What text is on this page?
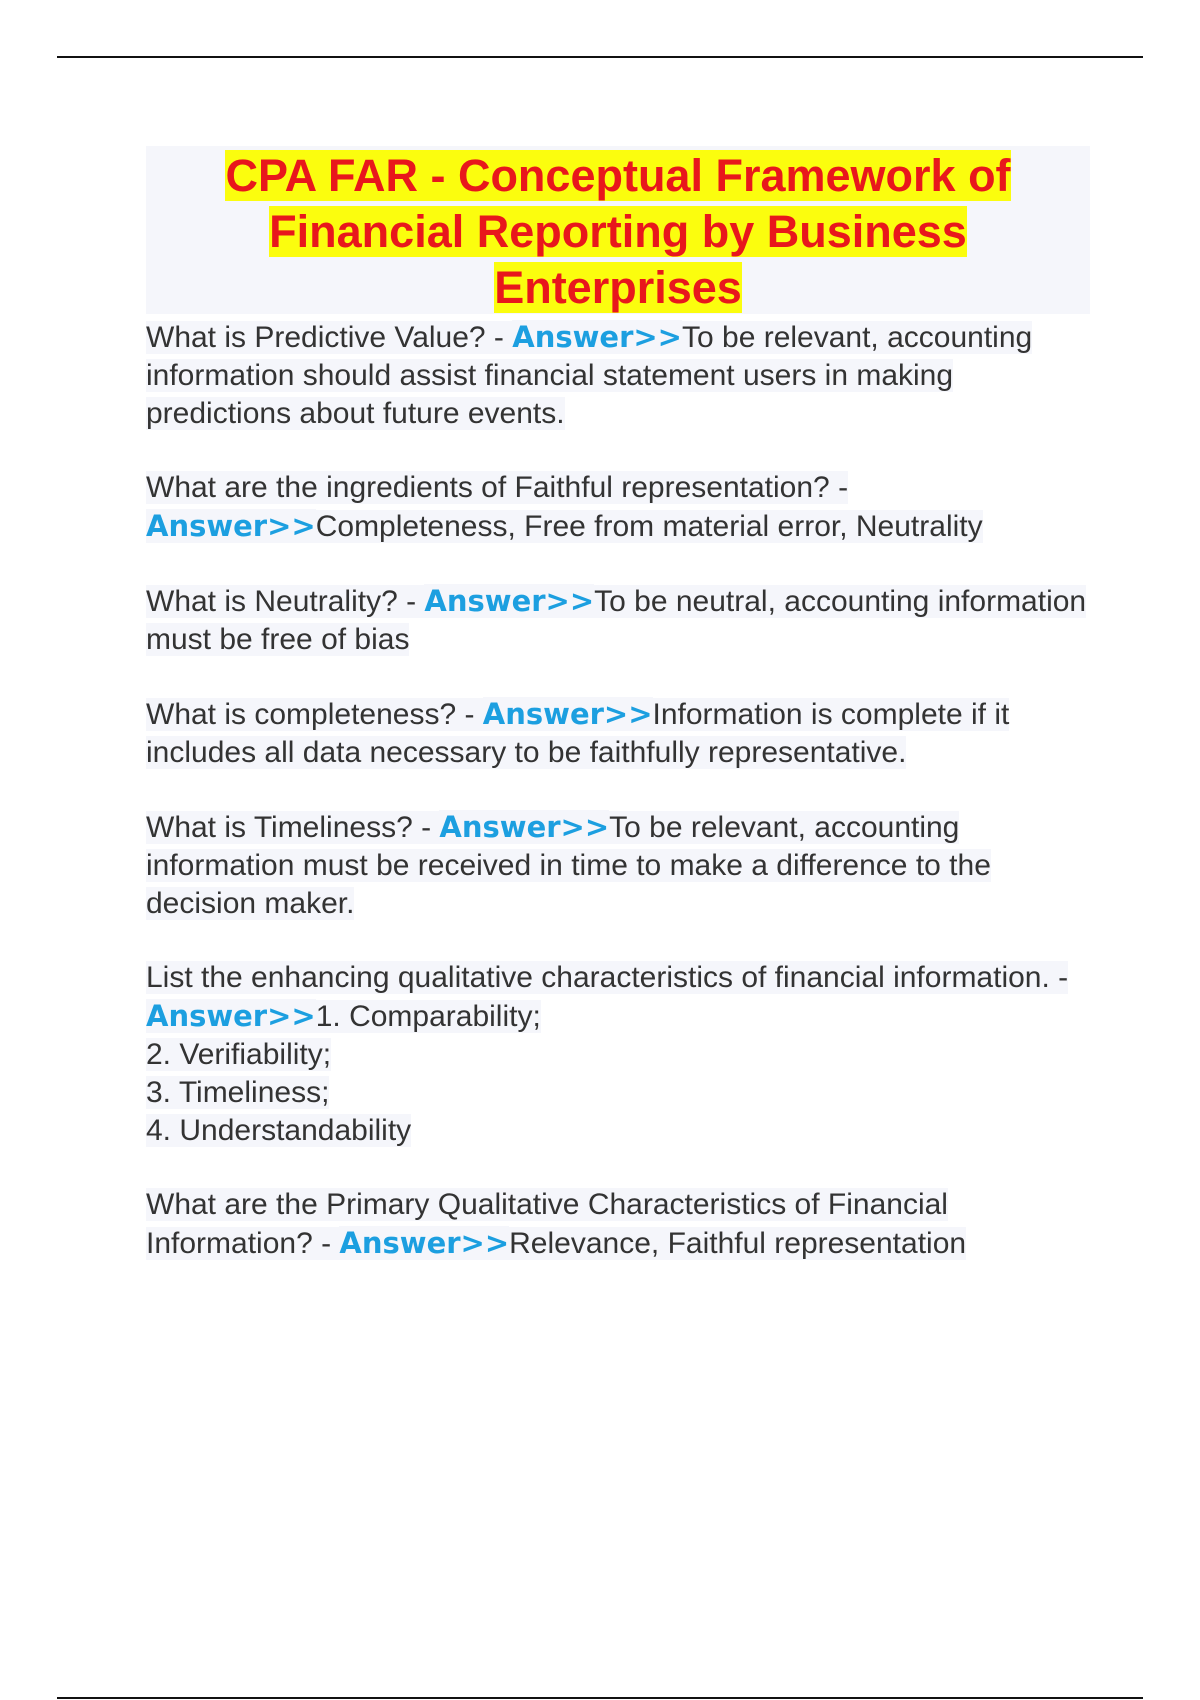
CPA FAR - Conceptual Framework of Financial Reporting by Business Enterprises

What is Predictive Value? - Answer>>To be relevant, accounting information should assist financial statement users in making predictions about future events.

What are the ingredients of Faithful representation? - Answer>>Completeness, Free from material error, Neutrality

What is Neutrality? - Answer>>To be neutral, accounting information must be free of bias

What is completeness? - Answer>>Information is complete if it includes all data necessary to be faithfully representative.

What is Timeliness? - Answer>>To be relevant, accounting information must be received in time to make a difference to the decision maker.

List the enhancing qualitative characteristics of financial information. - Answer>>1. Comparability;
2. Verifiability;
3. Timeliness;
4. Understandability

What are the Primary Qualitative Characteristics of Financial Information? - Answer>>Relevance, Faithful representation
